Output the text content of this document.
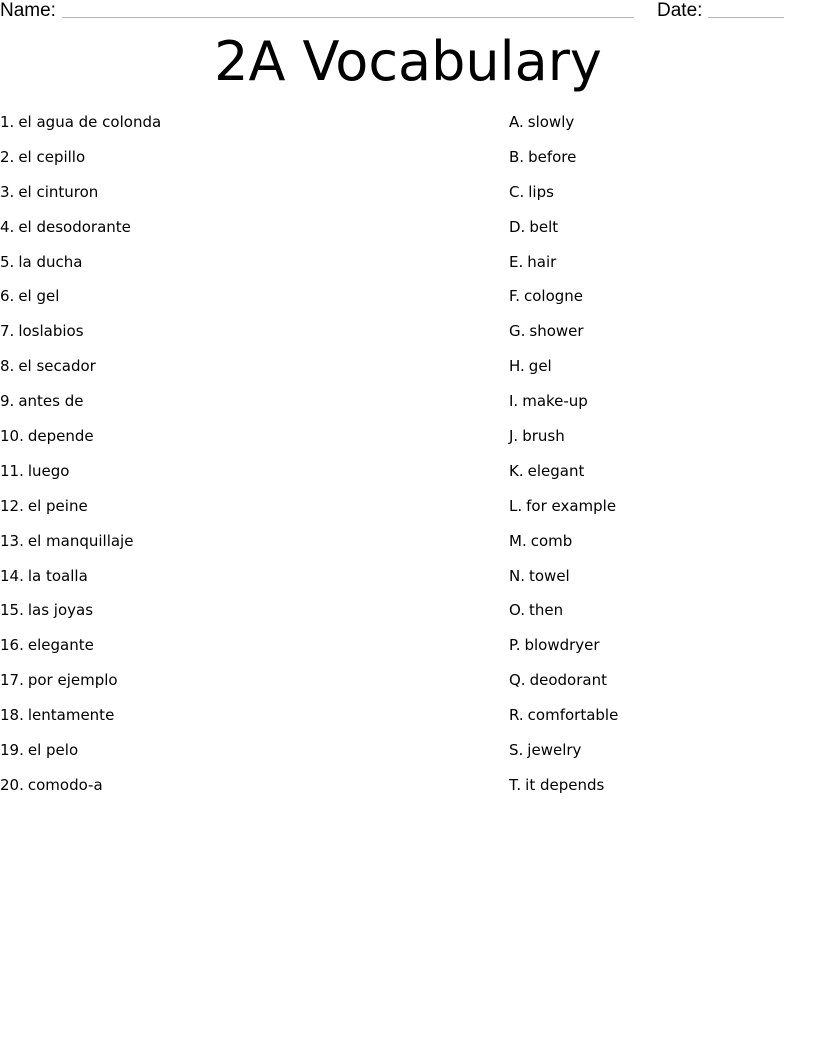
Name:	Date:
2A Vocabulary
1. el agua de colonda
2. el cepillo
3. el cinturon
4. el desodorante
5. la ducha
6. el gel
7. loslabios
8. el secador
9. antes de
10. depende
11. luego
12. el peine
13. el manquillaje
14. la toalla
15. las joyas
16. elegante
17. por ejemplo
18. lentamente
19. el pelo
20. comodo-a
A. slowly
B. before
C. lips
D. belt
E. hair
F. cologne
G. shower
H. gel
I. make-up
J. brush
K. elegant
L. for example
M. comb
N. towel
O. then
P. blowdryer
Q. deodorant
R. comfortable
S. jewelry
T. it depends
